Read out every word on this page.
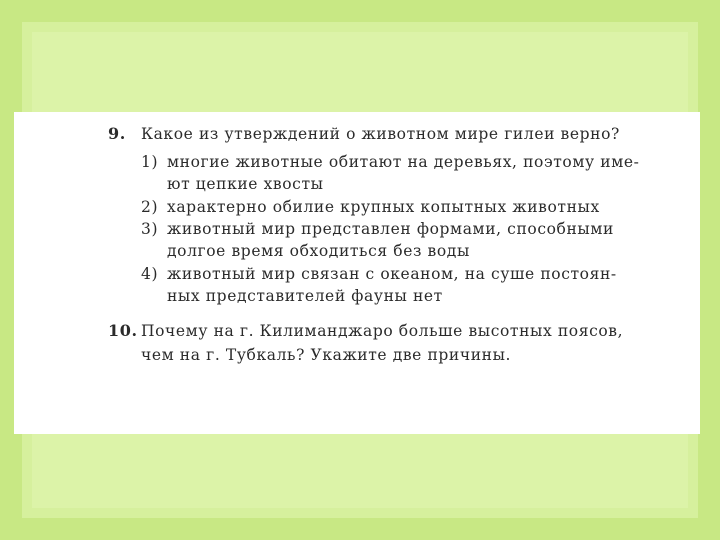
9. Какое из утверждений о животном мире гилеи верно?
1) многие животные обитают на деревьях, поэтому име-
ют цепкие хвосты
2) характерно обилие крупных копытных животных
3) животный мир представлен формами, способными
долгое время обходиться без воды
4) животный мир связан с океаном, на суше постоян-
ных представителей фауны нет
10. Почему на г. Килиманджаро больше высотных поясов,
чем на г. Тубкаль? Укажите две причины.
